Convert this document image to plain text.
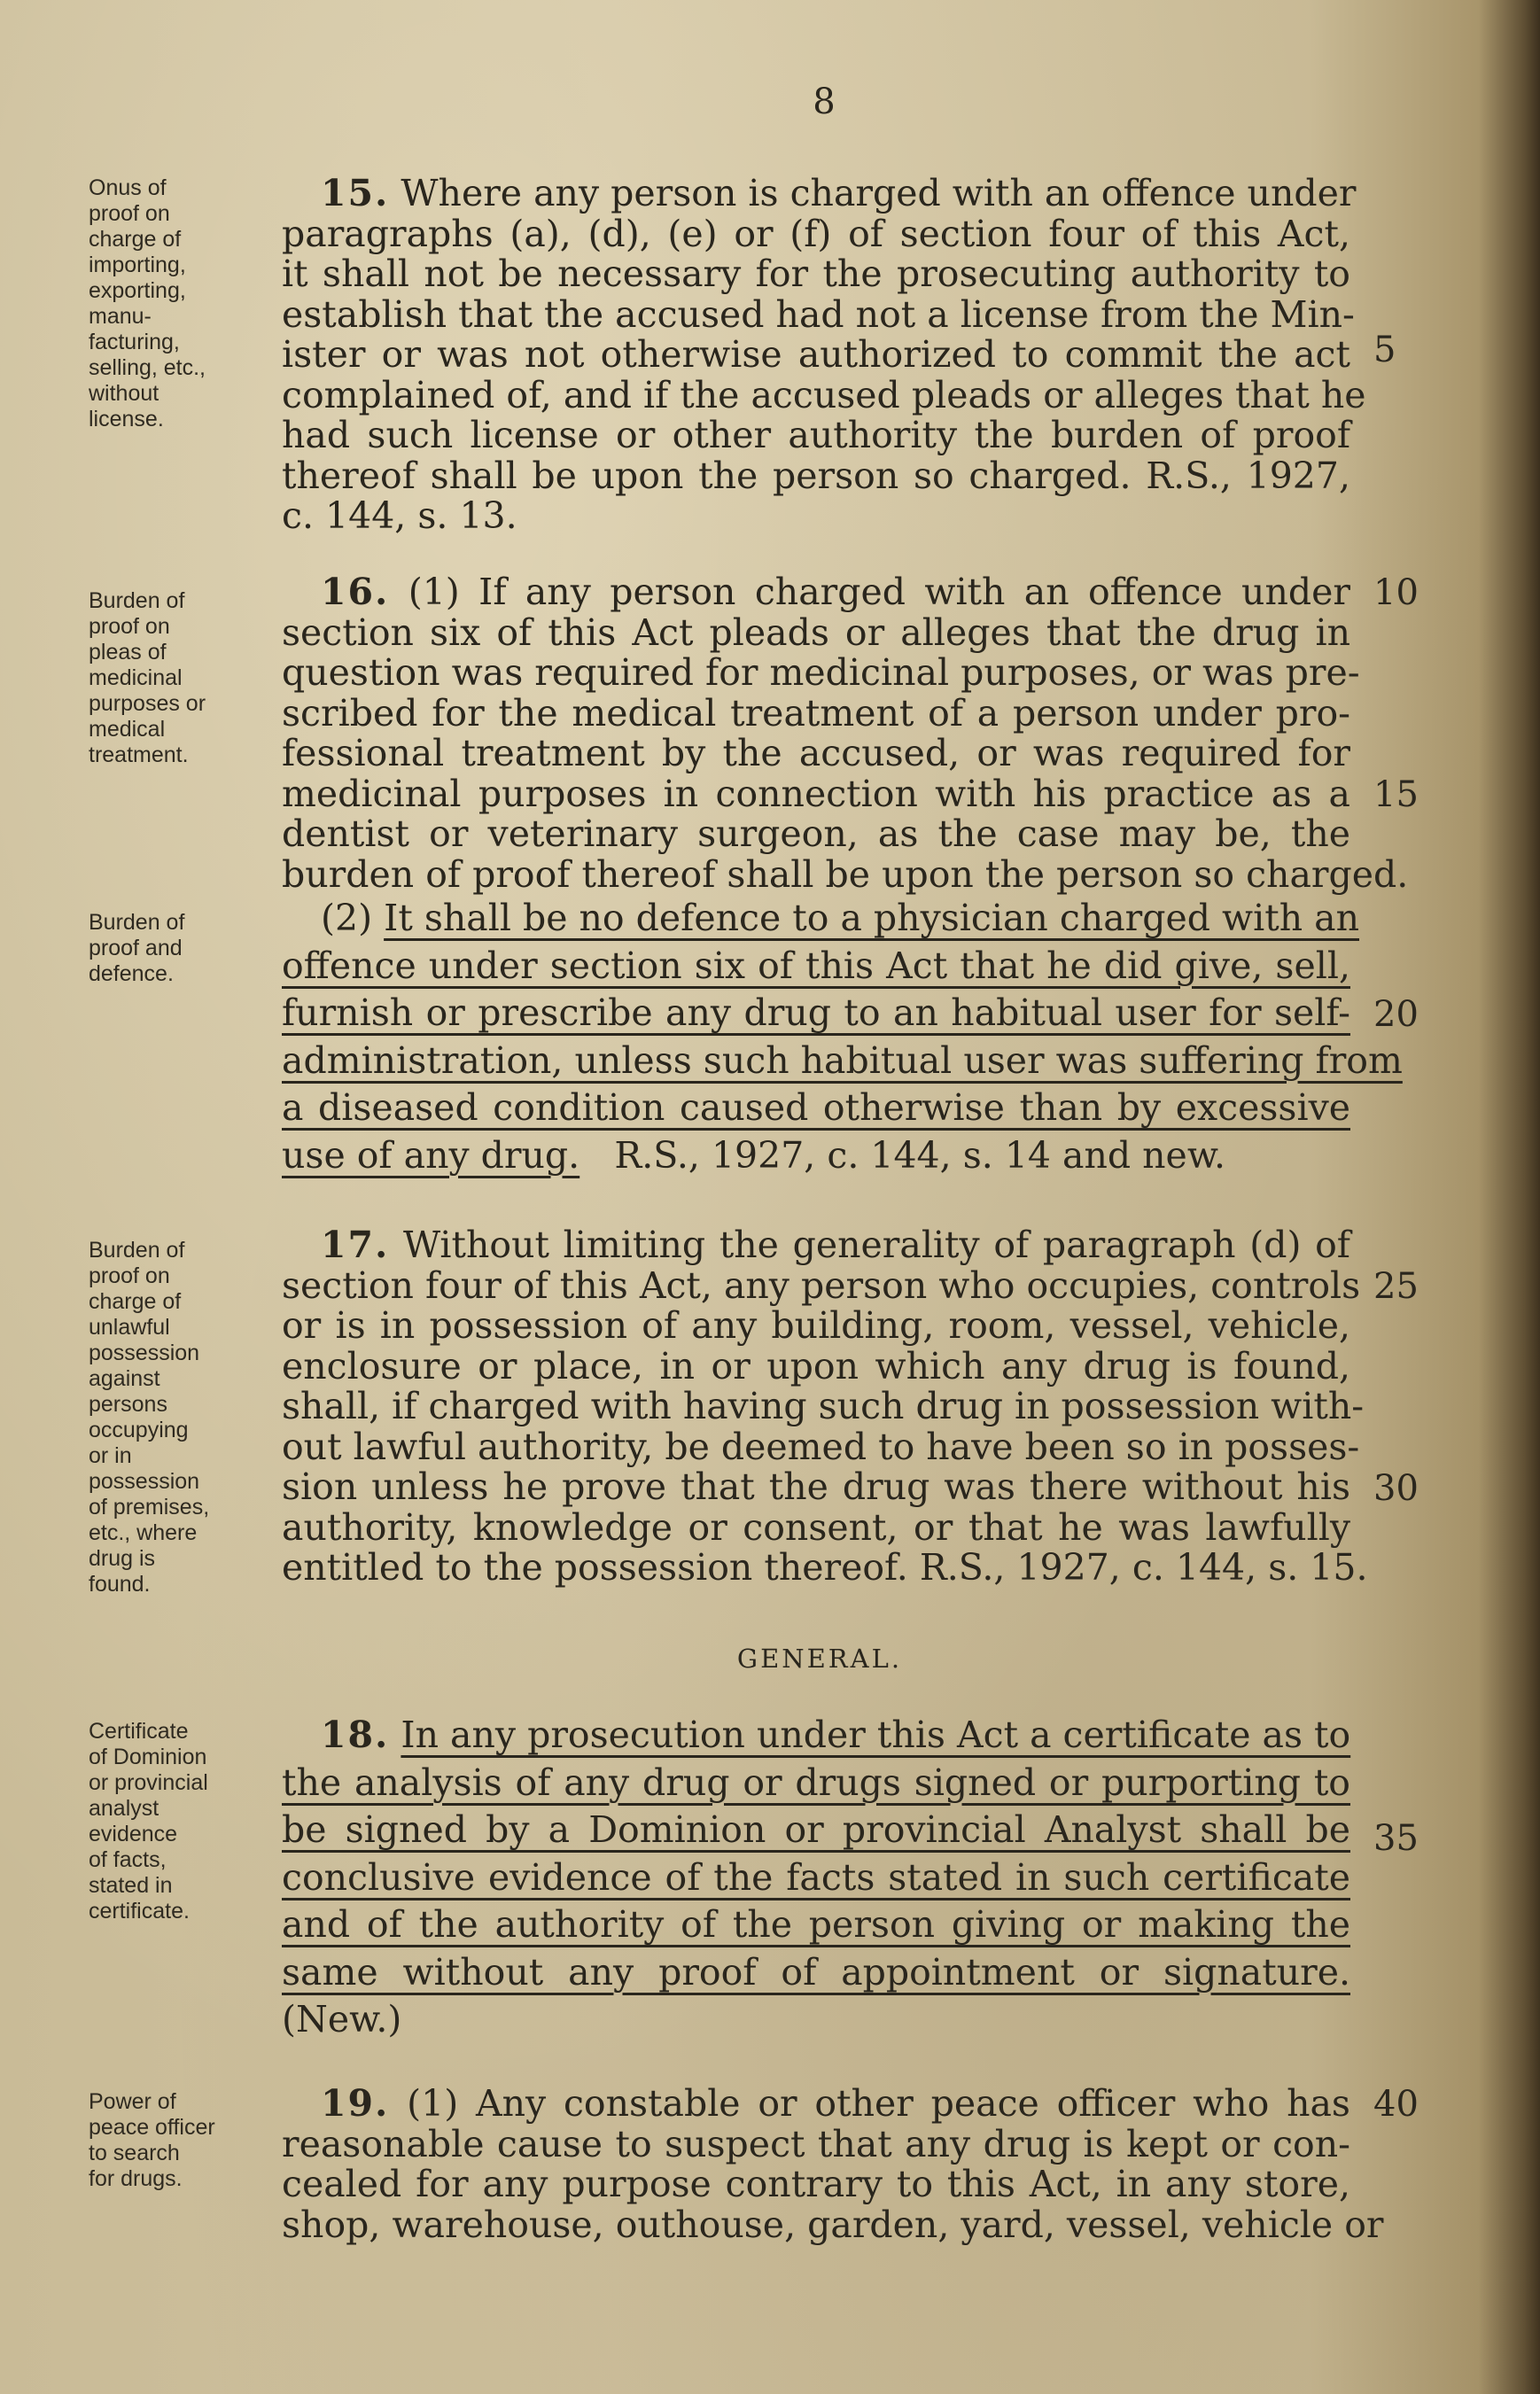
8
Onus of
proof on
charge of
importing,
exporting,
manu-
facturing,
selling, etc.,
without
license.
Burden of
proof on
pleas of
medicinal
purposes or
medical
treatment.
Burden of
proof and
defence.
Burden of
proof on
charge of
unlawful
possession
against
persons
occupying
or in
possession
of premises,
etc., where
drug is
found.
Certificate
of Dominion
or provincial
analyst
evidence
of facts,
stated in
certificate.
Power of
peace officer
to search
for drugs.
15. Where any person is charged with an offence under
paragraphs (a), (d), (e) or (f) of section four of this Act,
it shall not be necessary for the prosecuting authority to
establish that the accused had not a license from the Min-
ister or was not otherwise authorized to commit the act
complained of, and if the accused pleads or alleges that he
had such license or other authority the burden of proof
thereof shall be upon the person so charged. R.S., 1927,
c. 144, s. 13.
16. (1) If any person charged with an offence under
section six of this Act pleads or alleges that the drug in
question was required for medicinal purposes, or was pre-
scribed for the medical treatment of a person under pro-
fessional treatment by the accused, or was required for
medicinal purposes in connection with his practice as a
dentist or veterinary surgeon, as the case may be, the
burden of proof thereof shall be upon the person so charged.
(2) It shall be no defence to a physician charged with an
offence under section six of this Act that he did give, sell,
furnish or prescribe any drug to an habitual user for self-
administration, unless such habitual user was suffering from
a diseased condition caused otherwise than by excessive
use of any drug. R.S., 1927, c. 144, s. 14 and new.
17. Without limiting the generality of paragraph (d) of
section four of this Act, any person who occupies, controls
or is in possession of any building, room, vessel, vehicle,
enclosure or place, in or upon which any drug is found,
shall, if charged with having such drug in possession with-
out lawful authority, be deemed to have been so in posses-
sion unless he prove that the drug was there without his
authority, knowledge or consent, or that he was lawfully
entitled to the possession thereof. R.S., 1927, c. 144, s. 15.
GENERAL.
18. In any prosecution under this Act a certificate as to
the analysis of any drug or drugs signed or purporting to
be signed by a Dominion or provincial Analyst shall be
conclusive evidence of the facts stated in such certificate
and of the authority of the person giving or making the
same without any proof of appointment or signature.
(New.)
19. (1) Any constable or other peace officer who has
reasonable cause to suspect that any drug is kept or con-
cealed for any purpose contrary to this Act, in any store,
shop, warehouse, outhouse, garden, yard, vessel, vehicle or
5
10
15
20
25
30
35
40
